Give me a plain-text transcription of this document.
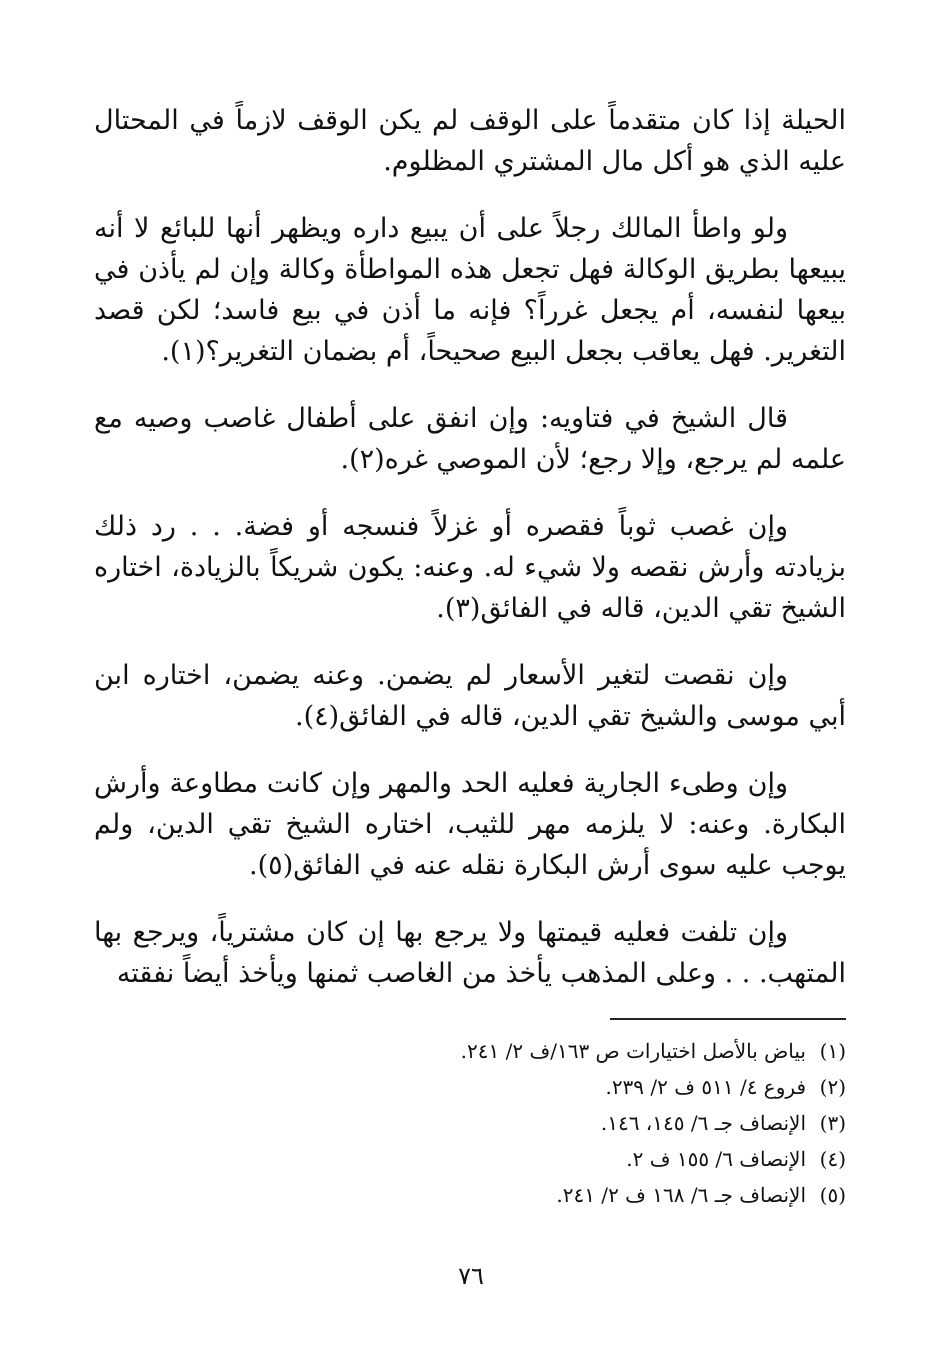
الحيلة إذا كان متقدماً على الوقف لم يكن الوقف لازماً في المحتال عليه الذي هو أكل مال المشتري المظلوم.

ولو واطأ المالك رجلاً على أن يبيع داره ويظهر أنها للبائع لا أنه يبيعها بطريق الوكالة فهل تجعل هذه المواطأة وكالة وإن لم يأذن في بيعها لنفسه، أم يجعل غرراً؟ فإنه ما أذن في بيع فاسد؛ لكن قصد التغرير. فهل يعاقب بجعل البيع صحيحاً، أم بضمان التغرير؟(١).

قال الشيخ في فتاويه: وإن انفق على أطفال غاصب وصيه مع علمه لم يرجع، وإلا رجع؛ لأن الموصي غره(٢).

وإن غصب ثوباً فقصره أو غزلاً فنسجه أو فضة. . . رد ذلك بزيادته وأرش نقصه ولا شيء له. وعنه: يكون شريكاً بالزيادة، اختاره الشيخ تقي الدين، قاله في الفائق(٣).

وإن نقصت لتغير الأسعار لم يضمن. وعنه يضمن، اختاره ابن أبي موسى والشيخ تقي الدين، قاله في الفائق(٤).

وإن وطىء الجارية فعليه الحد والمهر وإن كانت مطاوعة وأرش البكارة. وعنه: لا يلزمه مهر للثيب، اختاره الشيخ تقي الدين، ولم يوجب عليه سوى أرش البكارة نقله عنه في الفائق(٥).

وإن تلفت فعليه قيمتها ولا يرجع بها إن كان مشترياً، ويرجع بها المتهب. . . وعلى المذهب يأخذ من الغاصب ثمنها ويأخذ أيضاً نفقته

(١)بياض بالأصل اختيارات ص ١٦٣/ف ٢/ ٢٤١.
(٢)فروع ٤/ ٥١١ ف ٢/ ٢٣٩.
(٣)الإنصاف جـ ٦/ ١٤٥، ١٤٦.
(٤)الإنصاف ٦/ ١٥٥ ف ٢.
(٥)الإنصاف جـ ٦/ ١٦٨ ف ٢/ ٢٤١.
٧٦
